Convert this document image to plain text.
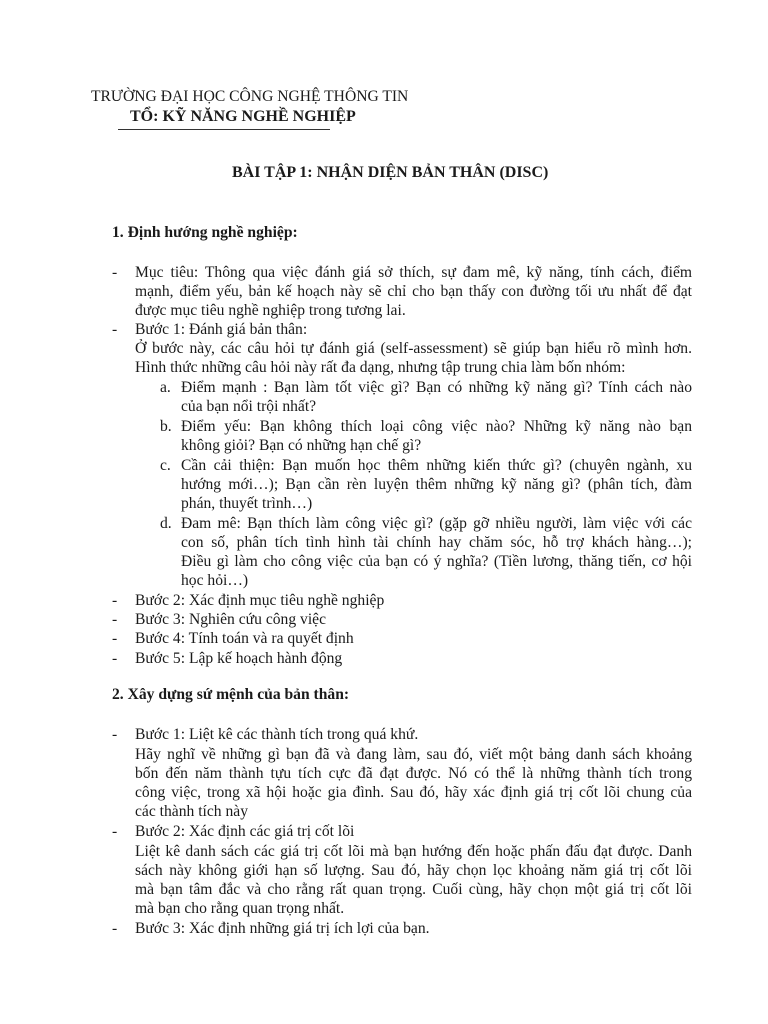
TRƯỜNG ĐẠI HỌC CÔNG NGHỆ THÔNG TIN
TỔ: KỸ NĂNG NGHỀ NGHIỆP
BÀI TẬP 1: NHẬN DIỆN BẢN THÂN (DISC)
1. Định hướng nghề nghiệp:
- Mục tiêu: Thông qua việc đánh giá sở thích, sự đam mê, kỹ năng, tính cách, điểm
mạnh, điểm yếu, bản kế hoạch này sẽ chỉ cho bạn thấy con đường tối ưu nhất để đạt
được mục tiêu nghề nghiệp trong tương lai.
- Bước 1: Đánh giá bản thân:
Ở bước này, các câu hỏi tự đánh giá (self-assessment) sẽ giúp bạn hiểu rõ mình hơn.
Hình thức những câu hỏi này rất đa dạng, nhưng tập trung chia làm bốn nhóm:
a. Điểm mạnh : Bạn làm tốt việc gì? Bạn có những kỹ năng gì? Tính cách nào
của bạn nổi trội nhất?
b. Điểm yếu: Bạn không thích loại công việc nào? Những kỹ năng nào bạn
không giỏi? Bạn có những hạn chế gì?
c. Cần cải thiện: Bạn muốn học thêm những kiến thức gì? (chuyên ngành, xu
hướng mới…); Bạn cần rèn luyện thêm những kỹ năng gì? (phân tích, đàm
phán, thuyết trình…)
d. Đam mê: Bạn thích làm công việc gì? (gặp gỡ nhiều người, làm việc với các
con số, phân tích tình hình tài chính hay chăm sóc, hỗ trợ khách hàng…);
Điều gì làm cho công việc của bạn có ý nghĩa? (Tiền lương, thăng tiến, cơ hội
học hỏi…)
- Bước 2: Xác định mục tiêu nghề nghiệp
- Bước 3: Nghiên cứu công việc
- Bước 4: Tính toán và ra quyết định
- Bước 5: Lập kế hoạch hành động
2. Xây dựng sứ mệnh của bản thân:
- Bước 1: Liệt kê các thành tích trong quá khứ.
Hãy nghĩ về những gì bạn đã và đang làm, sau đó, viết một bảng danh sách khoảng
bốn đến năm thành tựu tích cực đã đạt được. Nó có thể là những thành tích trong
công việc, trong xã hội hoặc gia đình. Sau đó, hãy xác định giá trị cốt lõi chung của
các thành tích này
- Bước 2: Xác định các giá trị cốt lõi
Liệt kê danh sách các giá trị cốt lõi mà bạn hướng đến hoặc phấn đấu đạt được. Danh
sách này không giới hạn số lượng. Sau đó, hãy chọn lọc khoảng năm giá trị cốt lõi
mà bạn tâm đắc và cho rằng rất quan trọng. Cuối cùng, hãy chọn một giá trị cốt lõi
mà bạn cho rằng quan trọng nhất.
- Bước 3: Xác định những giá trị ích lợi của bạn.
